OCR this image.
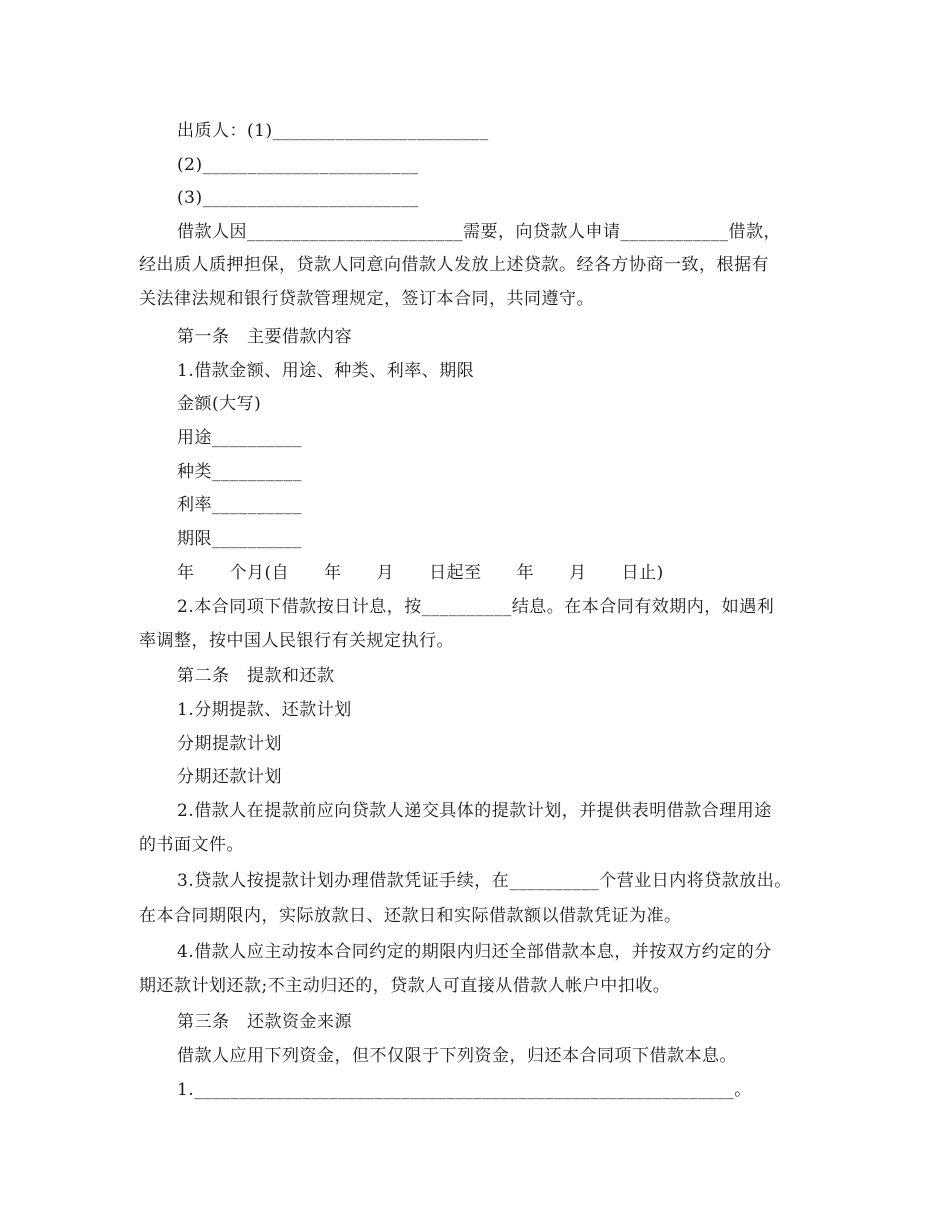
出质人：(1)________________________
(2)________________________
(3)________________________
借款人因________________________需要，向贷款人申请____________借款，
经出质人质押担保，贷款人同意向借款人发放上述贷款。经各方协商一致，根据有
关法律法规和银行贷款管理规定，签订本合同，共同遵守。
第一条　主要借款内容
1.借款金额、用途、种类、利率、期限
金额(大写)
用途__________
种类__________
利率__________
期限__________
年　　个月(自　　年　　月　　日起至　　年　　月　　日止)
2.本合同项下借款按日计息，按__________结息。在本合同有效期内，如遇利
率调整，按中国人民银行有关规定执行。
第二条　提款和还款
1.分期提款、还款计划
分期提款计划
分期还款计划
2.借款人在提款前应向贷款人递交具体的提款计划，并提供表明借款合理用途
的书面文件。
3.贷款人按提款计划办理借款凭证手续，在__________个营业日内将贷款放出。
在本合同期限内，实际放款日、还款日和实际借款额以借款凭证为准。
4.借款人应主动按本合同约定的期限内归还全部借款本息，并按双方约定的分
期还款计划还款;不主动归还的，贷款人可直接从借款人帐户中扣收。
第三条　还款资金来源
借款人应用下列资金，但不仅限于下列资金，归还本合同项下借款本息。
1.____________________________________________________________。
